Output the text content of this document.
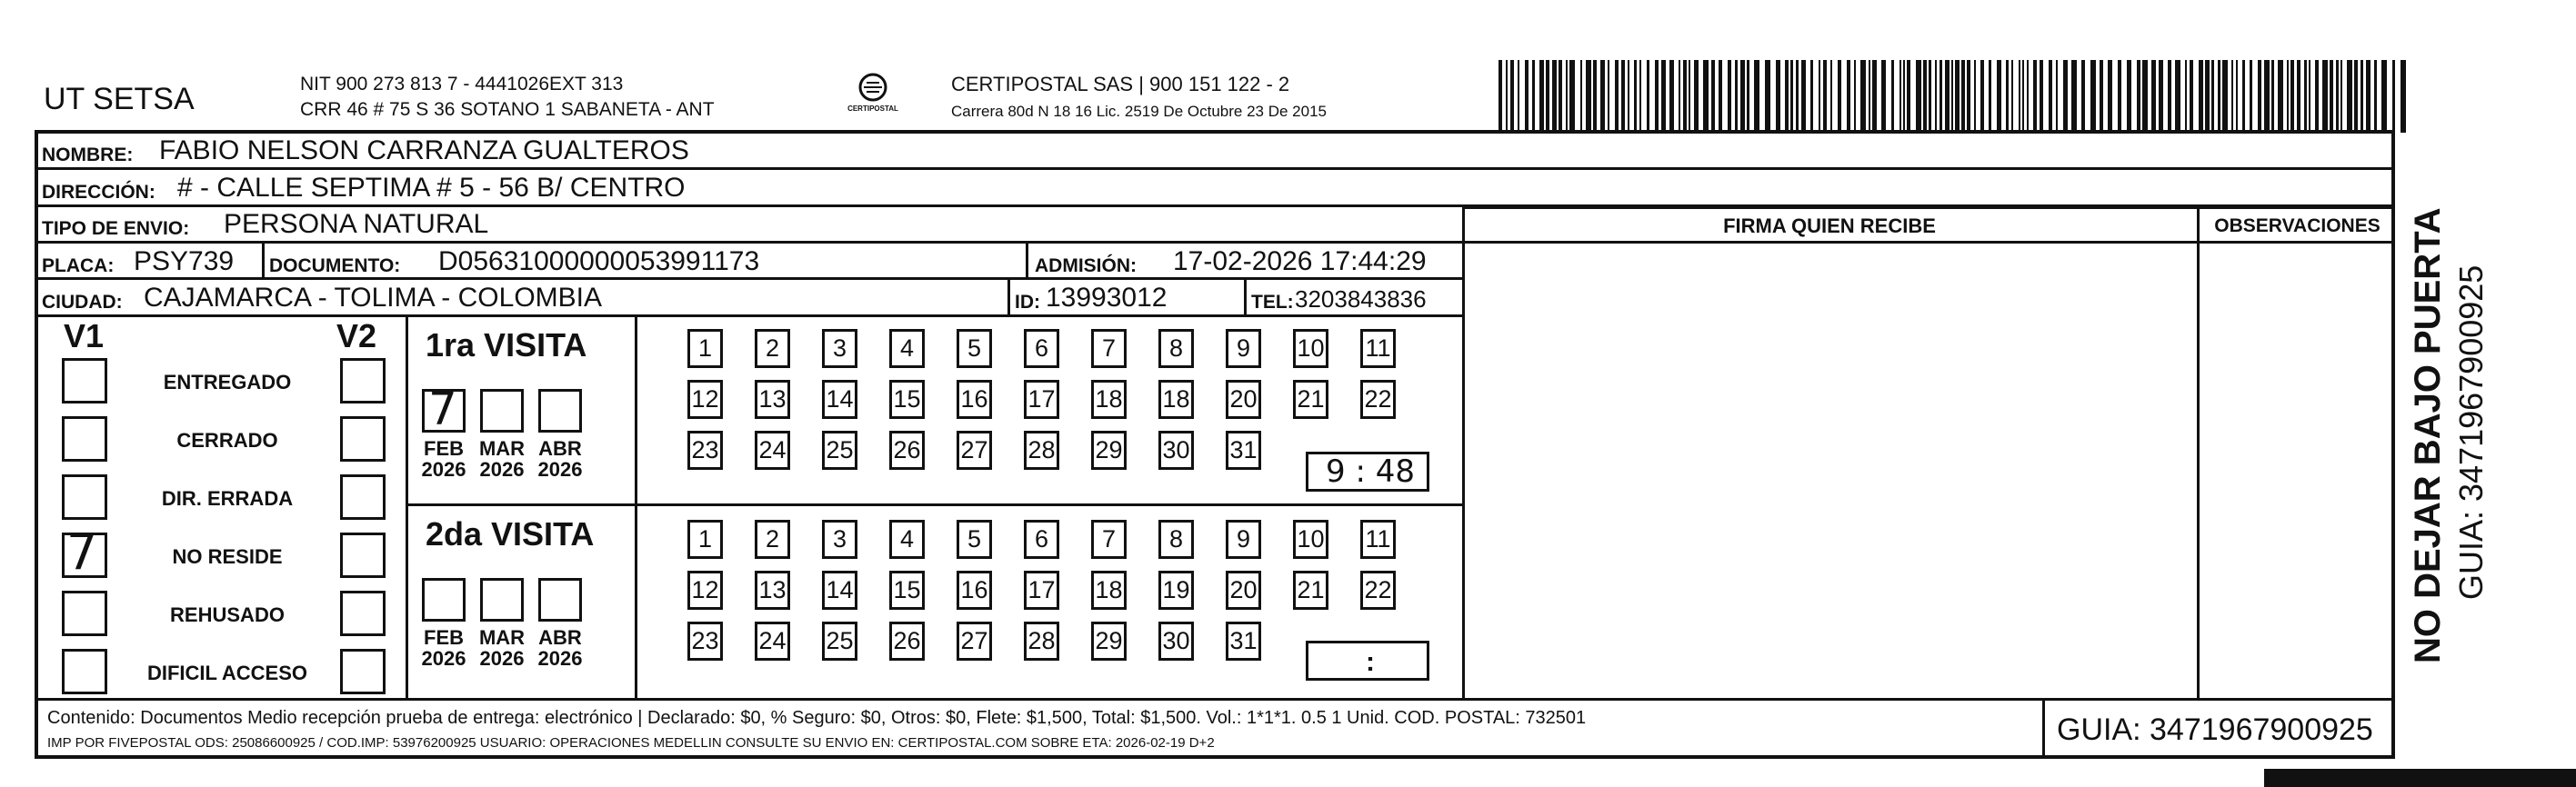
UT SETSA	NIT 900 273 813 7 - 4441026EXT 313
CRR 46 # 75 S 36 SOTANO 1 SABANETA - ANT	CERTIPOSTAL
CERTIPOSTAL SAS | 900 151 122 - 2
Carrera 80d N 18 16 Lic. 2519 De Octubre 23 De 2015
NOMBRE: FABIO NELSON CARRANZA GUALTEROS
DIRECCIÓN: # - CALLE SEPTIMA # 5 - 56 B/ CENTRO
TIPO DE ENVIO: PERSONA NATURAL	FIRMA QUIEN RECIBE	OBSERVACIONES
PLACA: PSY739 DOCUMENTO: D05631000000053991173	ADMISIÓN: 17-02-2026 17:44:29
CIUDAD: CAJAMARCA - TOLIMA - COLOMBIA	ID: 13993012	TEL: 3203843836
V1	V2
ENTREGADO
CERRADO
DIR. ERRADA
7	NO RESIDE
REHUSADO
DIFICIL ACCESO
1ra VISITA
7
FEB
2026
MAR
2026
ABR
2026
1	2	3	4	5	6	7	8	9	10 11
12 13 14 15 16 17 18 18 20 21 22
23 24 25 26 27 28 29 30 31
9 : 48
2da VISITA
FEB
2026
MAR
2026
ABR
2026
1	2	3	4	5	6	7	8	9	10 11
12 13 14 15 16 17 18 19 20 21 22
23 24 25 26 27 28 29 30 31
:
Contenido: Documentos Medio recepción prueba de entrega: electrónico | Declarado: $0, % Seguro: $0, Otros: $0, Flete: $1,500, Total: $1,500. Vol.: 1*1*1. 0.5 1 Unid. COD. POSTAL: 732501
IMP POR FIVEPOSTAL ODS: 25086600925 / COD.IMP: 53976200925 USUARIO: OPERACIONES MEDELLIN CONSULTE SU ENVIO EN: CERTIPOSTAL.COM SOBRE ETA: 2026-02-19 D+2	GUIA: 3471967900925
NO DEJAR BAJO PUERTA GUIA: 3471967900925
